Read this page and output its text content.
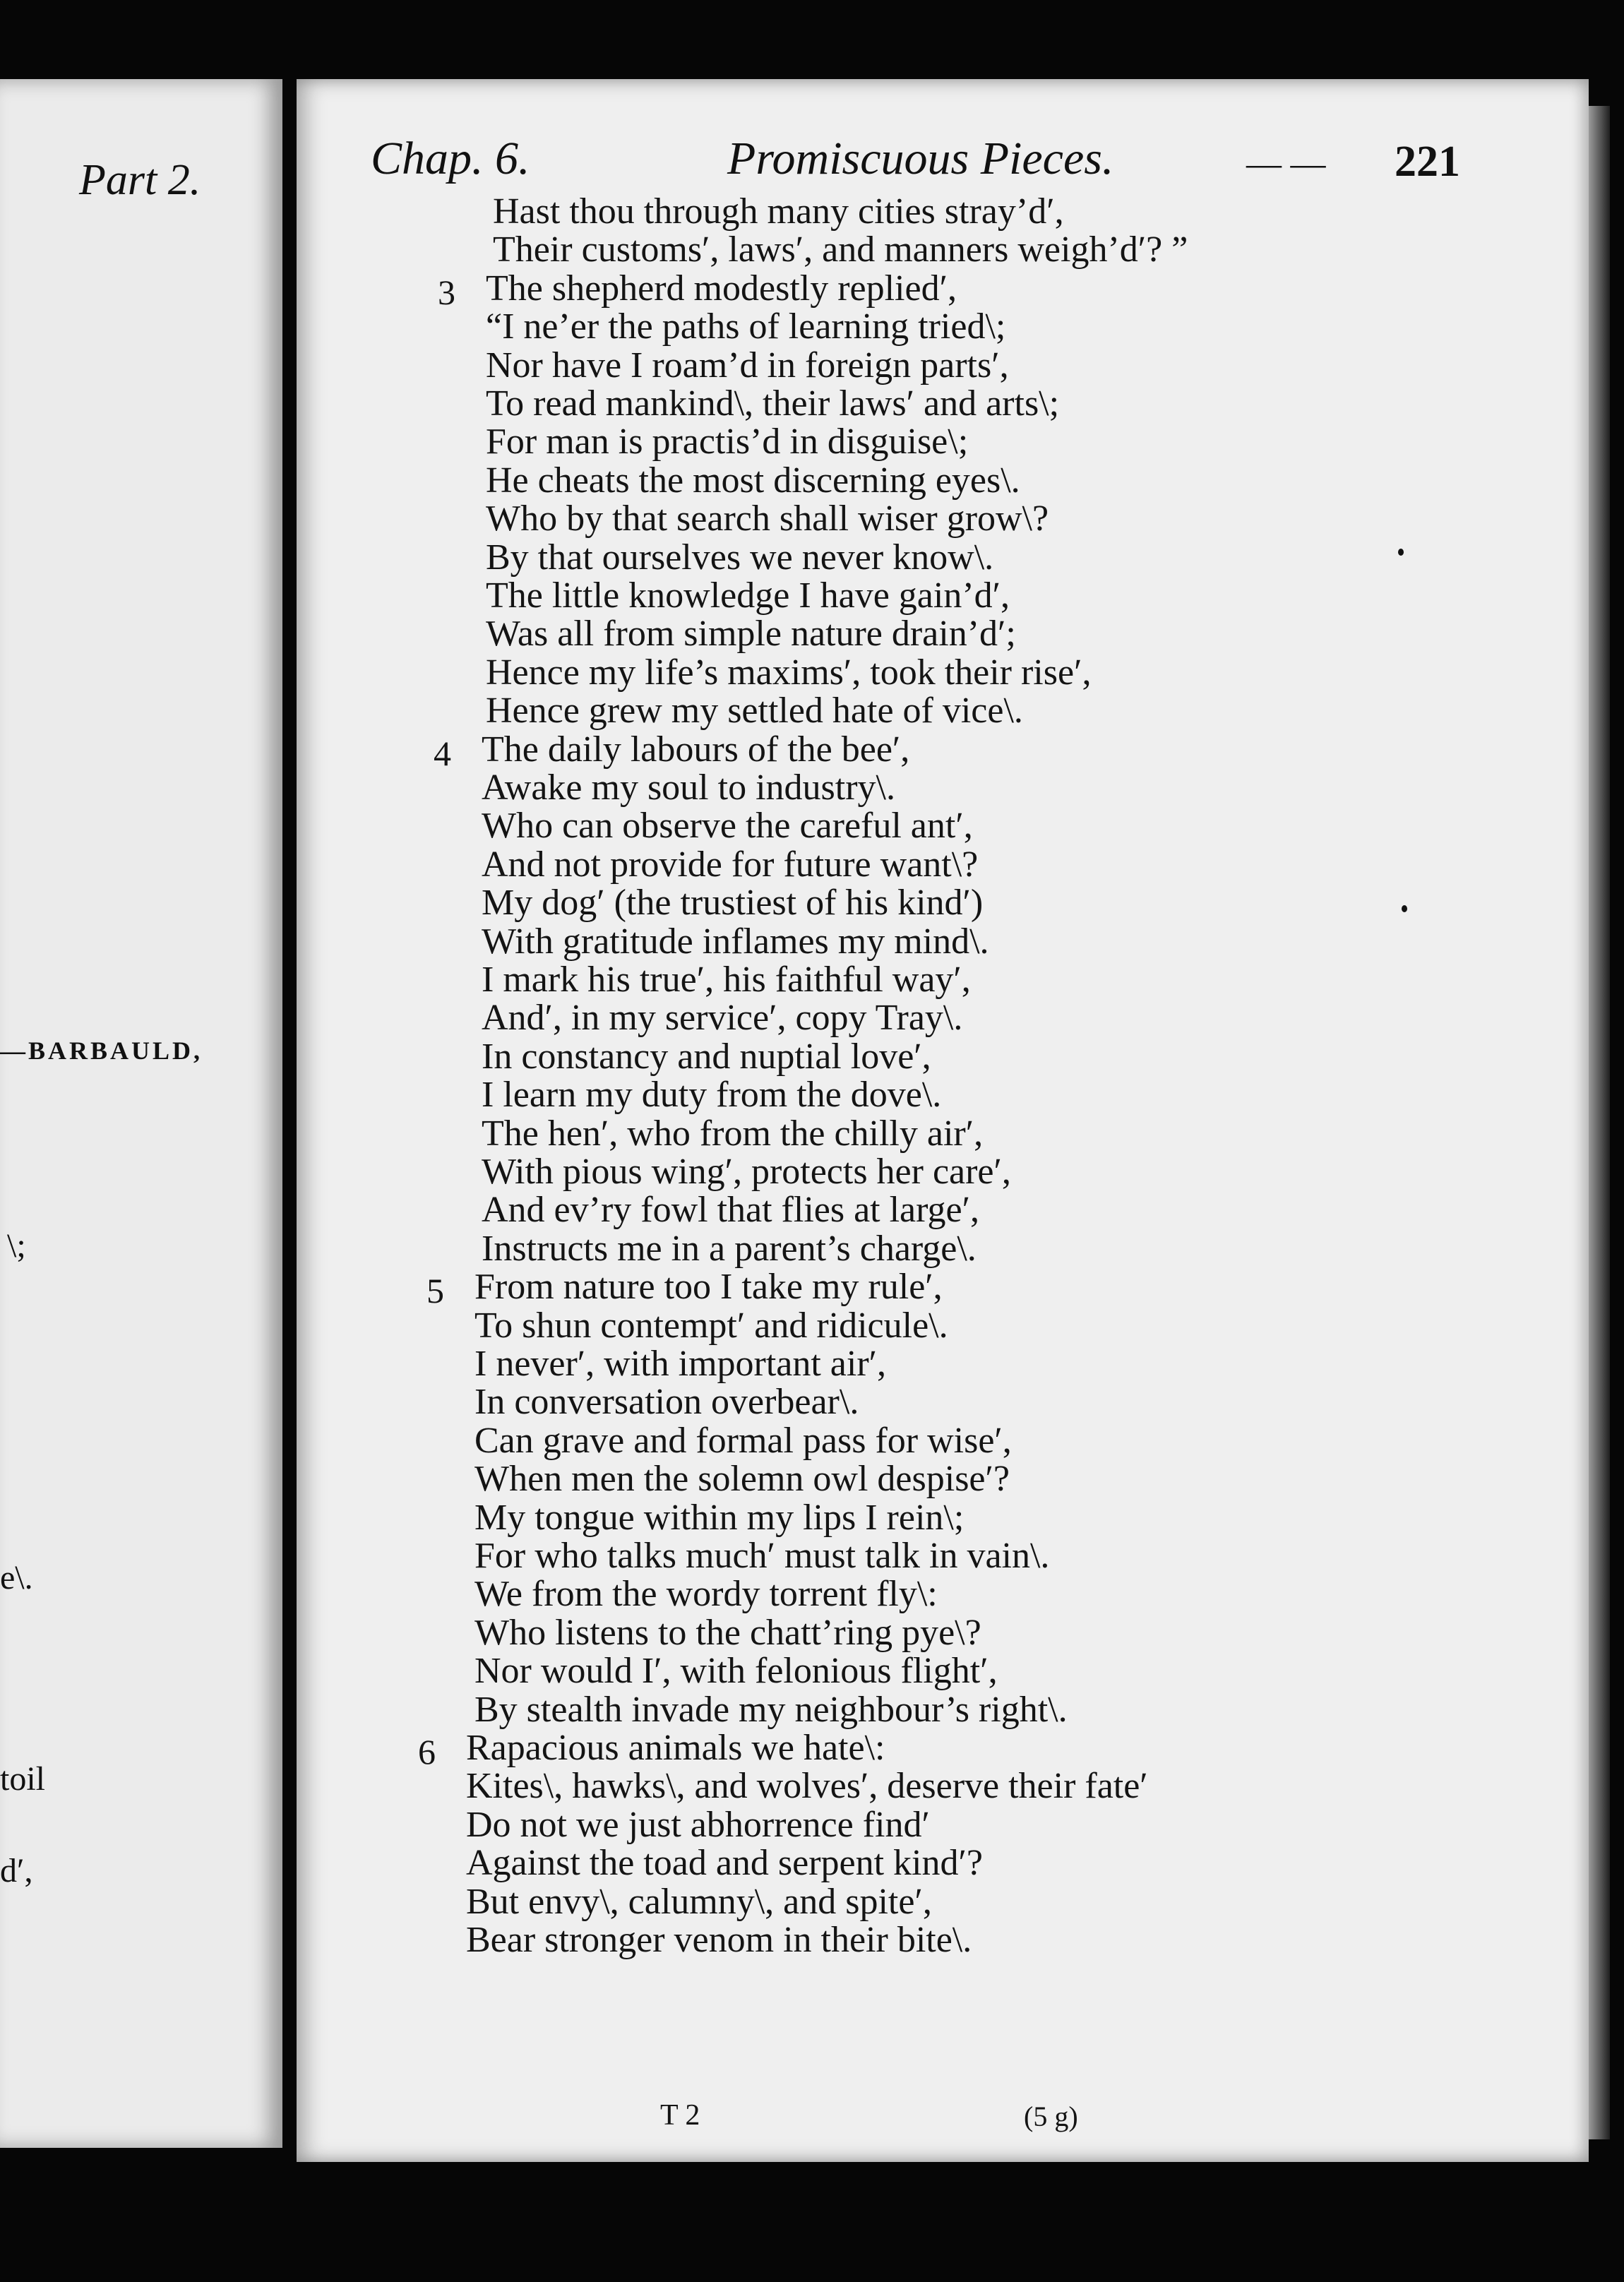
Part 2.
—BARBAULD,
\;
e\.
toil
d′,
Chap. 6.	Promiscuous Pieces.	— — 221
Hast thou through many cities stray’d′,
Their customs′, laws′, and manners weigh’d′? ”
The shepherd modestly replied′,
3
“I ne’er the paths of learning tried\;
Nor have I roam’d in foreign parts′,
To read mankind\, their laws′ and arts\;
For man is practis’d in disguise\;
He cheats the most discerning eyes\.
Who by that search shall wiser grow\?
By that ourselves we never know\.
The little knowledge I have gain’d′,
Was all from simple nature drain’d′;
Hence my life’s maxims′, took their rise′,
Hence grew my settled hate of vice\.
The daily labours of the bee′,
4
Awake my soul to industry\.
Who can observe the careful ant′,
And not provide for future want\?
My dog′ (the trustiest of his kind′)
With gratitude inflames my mind\.
I mark his true′, his faithful way′,
And′, in my service′, copy Tray\.
In constancy and nuptial love′,
I learn my duty from the dove\.
The hen′, who from the chilly air′,
With pious wing′, protects her care′,
And ev’ry fowl that flies at large′,
Instructs me in a parent’s charge\.
From nature too I take my rule′,
5
To shun contempt′ and ridicule\.
I never′, with important air′,
In conversation overbear\.
Can grave and formal pass for wise′,
When men the solemn owl despise′?
My tongue within my lips I rein\;
For who talks much′ must talk in vain\.
We from the wordy torrent fly\:
Who listens to the chatt’ring pye\?
Nor would I′, with felonious flight′,
By stealth invade my neighbour’s right\.
Rapacious animals we hate\:
6
Kites\, hawks\, and wolves′, deserve their fate′
Do not we just abhorrence find′
Against the toad and serpent kind′?
But envy\, calumny\, and spite′,
Bear stronger venom in their bite\.
T 2	(5 g)
